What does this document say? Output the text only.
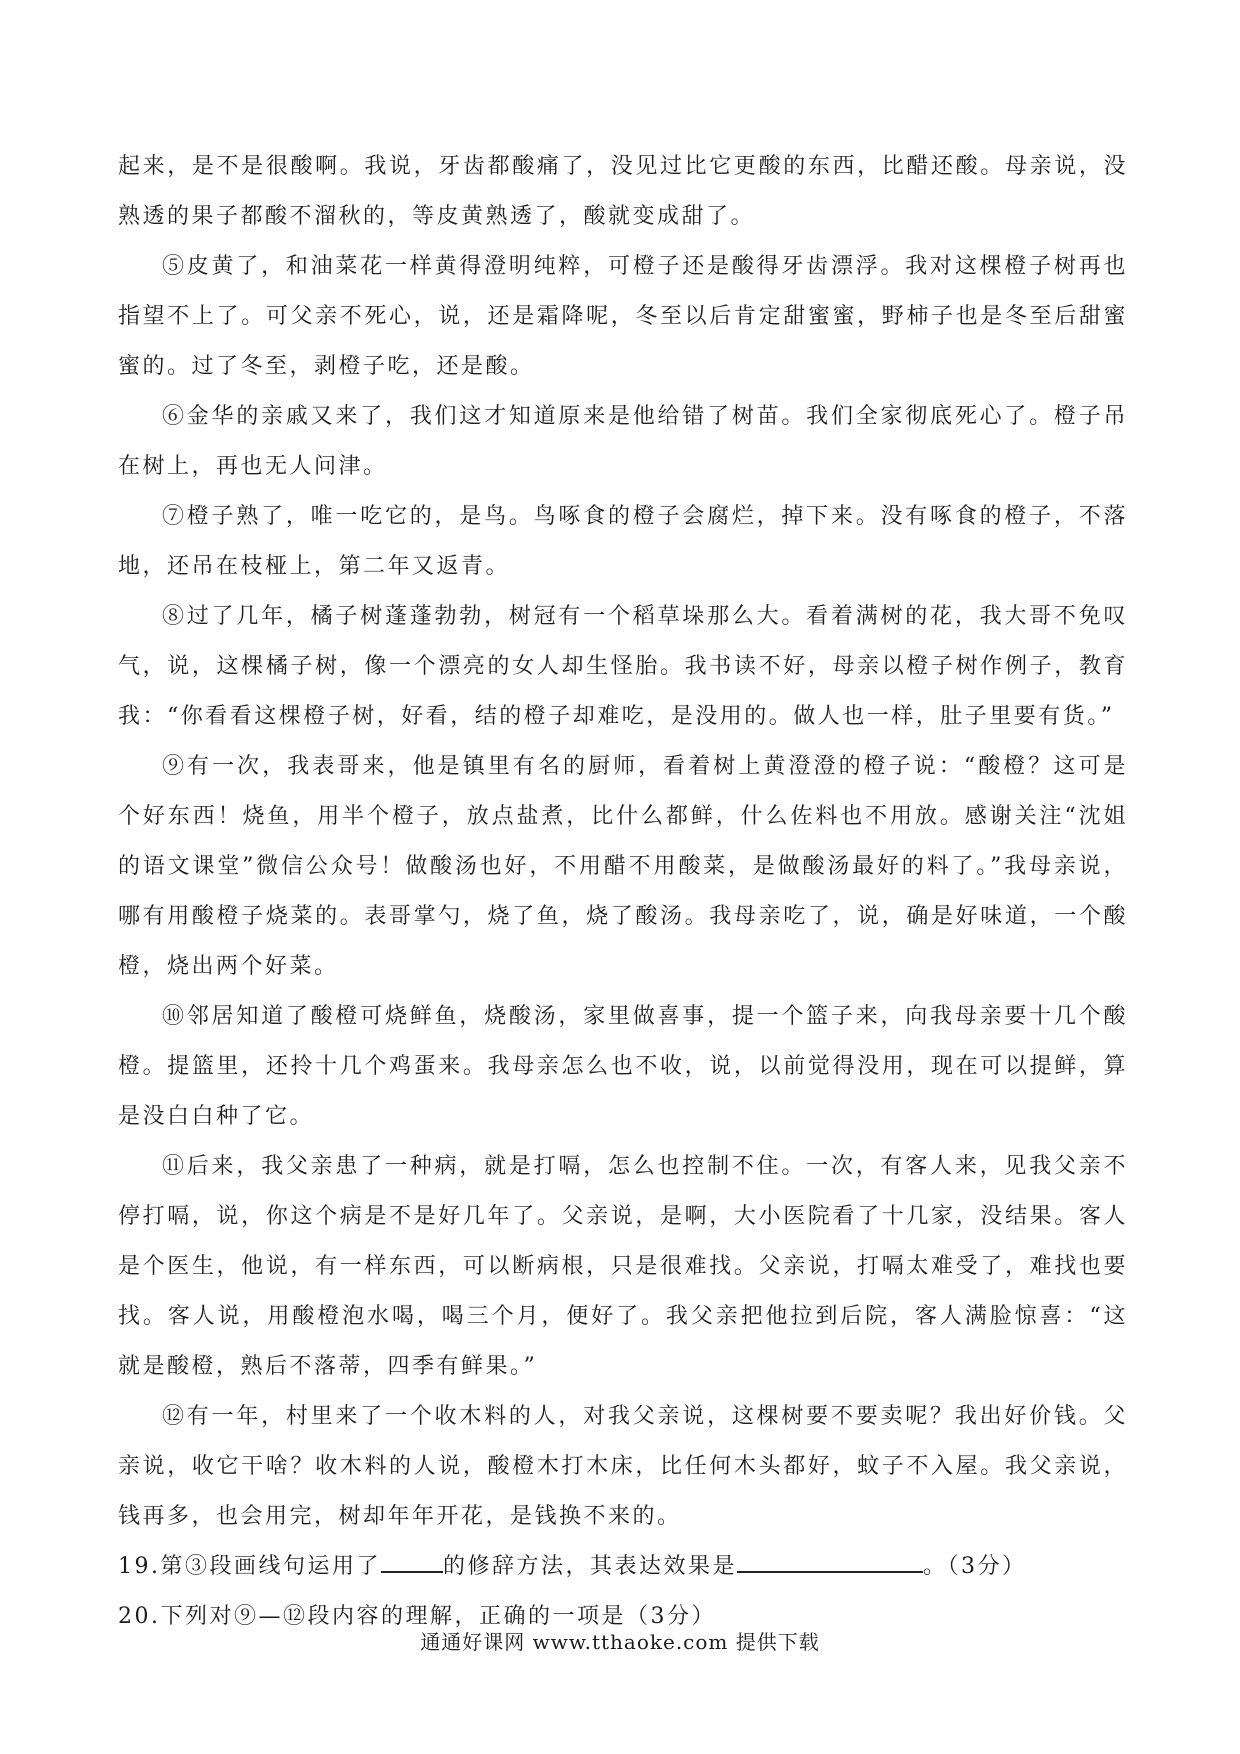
起来，是不是很酸啊。我说，牙齿都酸痛了，没见过比它更酸的东西，比醋还酸。母亲说，没熟透的果子都酸不溜秋的，等皮黄熟透了，酸就变成甜了。

⑤皮黄了，和油菜花一样黄得澄明纯粹，可橙子还是酸得牙齿漂浮。我对这棵橙子树再也指望不上了。可父亲不死心，说，还是霜降呢，冬至以后肯定甜蜜蜜，野柿子也是冬至后甜蜜蜜的。过了冬至，剥橙子吃，还是酸。

⑥金华的亲戚又来了，我们这才知道原来是他给错了树苗。我们全家彻底死心了。橙子吊在树上，再也无人问津。

⑦橙子熟了，唯一吃它的，是鸟。鸟啄食的橙子会腐烂，掉下来。没有啄食的橙子，不落地，还吊在枝桠上，第二年又返青。

⑧过了几年，橘子树蓬蓬勃勃，树冠有一个稻草垛那么大。看着满树的花，我大哥不免叹气，说，这棵橘子树，像一个漂亮的女人却生怪胎。我书读不好，母亲以橙子树作例子，教育我：“你看看这棵橙子树，好看，结的橙子却难吃，是没用的。做人也一样，肚子里要有货。”

⑨有一次，我表哥来，他是镇里有名的厨师，看着树上黄澄澄的橙子说：“酸橙？这可是个好东西！烧鱼，用半个橙子，放点盐煮，比什么都鲜，什么佐料也不用放。感谢关注“沈姐的语文课堂”微信公众号！做酸汤也好，不用醋不用酸菜，是做酸汤最好的料了。”我母亲说，哪有用酸橙子烧菜的。表哥掌勺，烧了鱼，烧了酸汤。我母亲吃了，说，确是好味道，一个酸橙，烧出两个好菜。

⑩邻居知道了酸橙可烧鲜鱼，烧酸汤，家里做喜事，提一个篮子来，向我母亲要十几个酸橙。提篮里，还拎十几个鸡蛋来。我母亲怎么也不收，说，以前觉得没用，现在可以提鲜，算是没白白种了它。

⑪后来，我父亲患了一种病，就是打嗝，怎么也控制不住。一次，有客人来，见我父亲不停打嗝，说，你这个病是不是好几年了。父亲说，是啊，大小医院看了十几家，没结果。客人是个医生，他说，有一样东西，可以断病根，只是很难找。父亲说，打嗝太难受了，难找也要找。客人说，用酸橙泡水喝，喝三个月，便好了。我父亲把他拉到后院，客人满脸惊喜：“这就是酸橙，熟后不落蒂，四季有鲜果。”

⑫有一年，村里来了一个收木料的人，对我父亲说，这棵树要不要卖呢？我出好价钱。父亲说，收它干啥？收木料的人说，酸橙木打木床，比任何木头都好，蚊子不入屋。我父亲说，钱再多，也会用完，树却年年开花，是钱换不来的。

19.第③段画线句运用了	的修辞方法，其表达效果是	。（3分）

20.下列对⑨—⑫段内容的理解，正确的一项是（3分）

通通好课网 www.tthaoke.com 提供下载
